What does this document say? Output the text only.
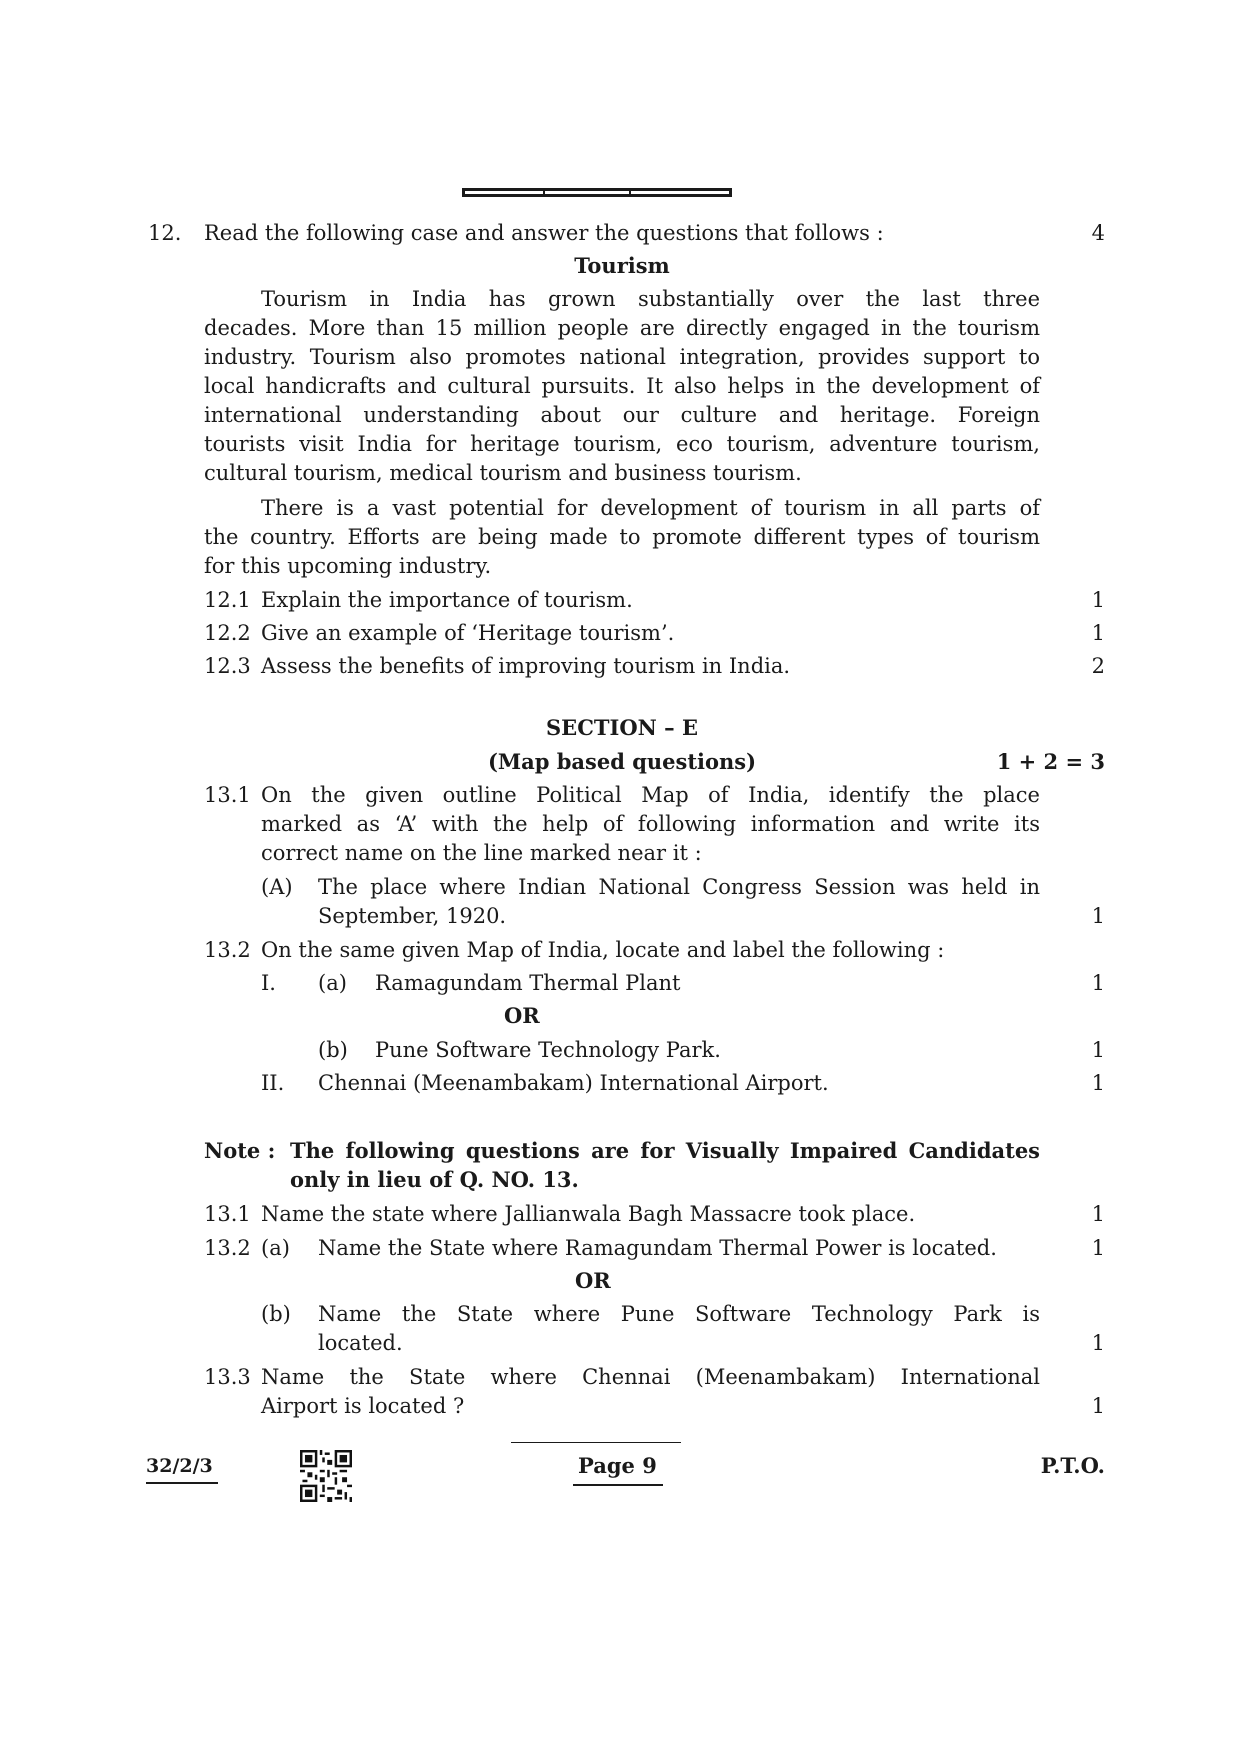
12. Read the following case and answer the questions that follows :	4
Tourism
Tourism in India has grown substantially over the last three
decades. More than 15 million people are directly engaged in the tourism
industry. Tourism also promotes national integration, provides support to
local handicrafts and cultural pursuits. It also helps in the development of
international understanding about our culture and heritage. Foreign
tourists visit India for heritage tourism, eco tourism, adventure tourism,
cultural tourism, medical tourism and business tourism.
There is a vast potential for development of tourism in all parts of
the country. Efforts are being made to promote different types of tourism
for this upcoming industry.
12.1 Explain the importance of tourism.	1
12.2 Give an example of ‘Heritage tourism’.	1
12.3 Assess the benefits of improving tourism in India.	2
SECTION – E
(Map based questions)	1 + 2 = 3
13.1 On the given outline Political Map of India, identify the place
marked as ‘A’ with the help of following information and write its
correct name on the line marked near it :
(A) The place where Indian National Congress Session was held in
September, 1920.	1
13.2 On the same given Map of India, locate and label the following :
I. (a) Ramagundam Thermal Plant	1
OR
(b) Pune Software Technology Park.	1
II. Chennai (Meenambakam) International Airport.	1
Note : The following questions are for Visually Impaired Candidates
only in lieu of Q. NO. 13.
13.1 Name the state where Jallianwala Bagh Massacre took place.	1
13.2 (a) Name the State where Ramagundam Thermal Power is located.	1
OR
(b) Name the State where Pune Software Technology Park is
located.	1
13.3 Name the State where Chennai (Meenambakam) International
Airport is located ?	1
32/2/3	Page 9	P.T.O.
